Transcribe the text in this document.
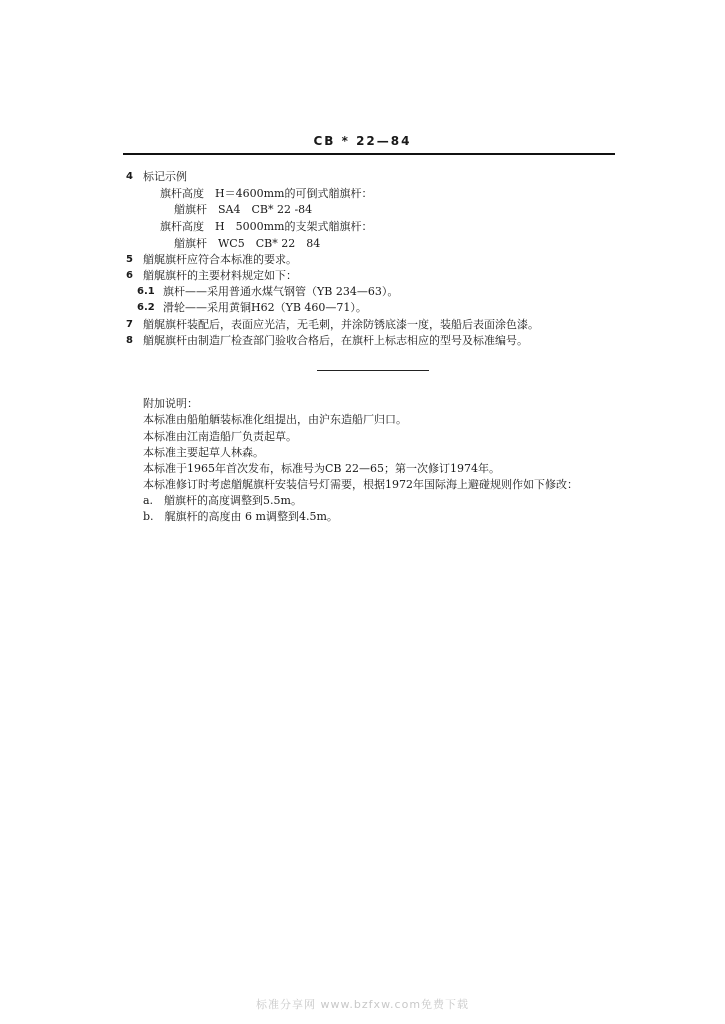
CB * 22—84
4 标记示例
旗杆高度　H＝4600mm的可倒式艏旗杆：
艏旗杆　SA4　CB* 22 -84
旗杆高度　H　5000mm的支架式艏旗杆：
艏旗杆　WC5　CB* 22　84
5 艏艉旗杆应符合本标准的要求。
6 艏艉旗杆的主要材料规定如下：
6.1 旗杆——采用普通水煤气钢管（YB 234—63）。
6.2 滑轮——采用黄铜H62（YB 460—71）。
7 艏艉旗杆装配后，表面应光洁，无毛刺，并涂防锈底漆一度，装船后表面涂色漆。
8 艏艉旗杆由制造厂检查部门验收合格后，在旗杆上标志相应的型号及标准编号。
附加说明：
本标准由船舶舾装标准化组提出，由沪东造船厂归口。
本标准由江南造船厂负责起草。
本标准主要起草人林森。
本标准于1965年首次发布，标准号为CB 22—65；第一次修订1974年。
本标准修订时考虑艏艉旗杆安装信号灯需要，根据1972年国际海上避碰规则作如下修改：
a.　艏旗杆的高度调整到5.5m。
b.　艉旗杆的高度由 6 m调整到4.5m。
标准分享网 www.bzfxw.com免费下载
